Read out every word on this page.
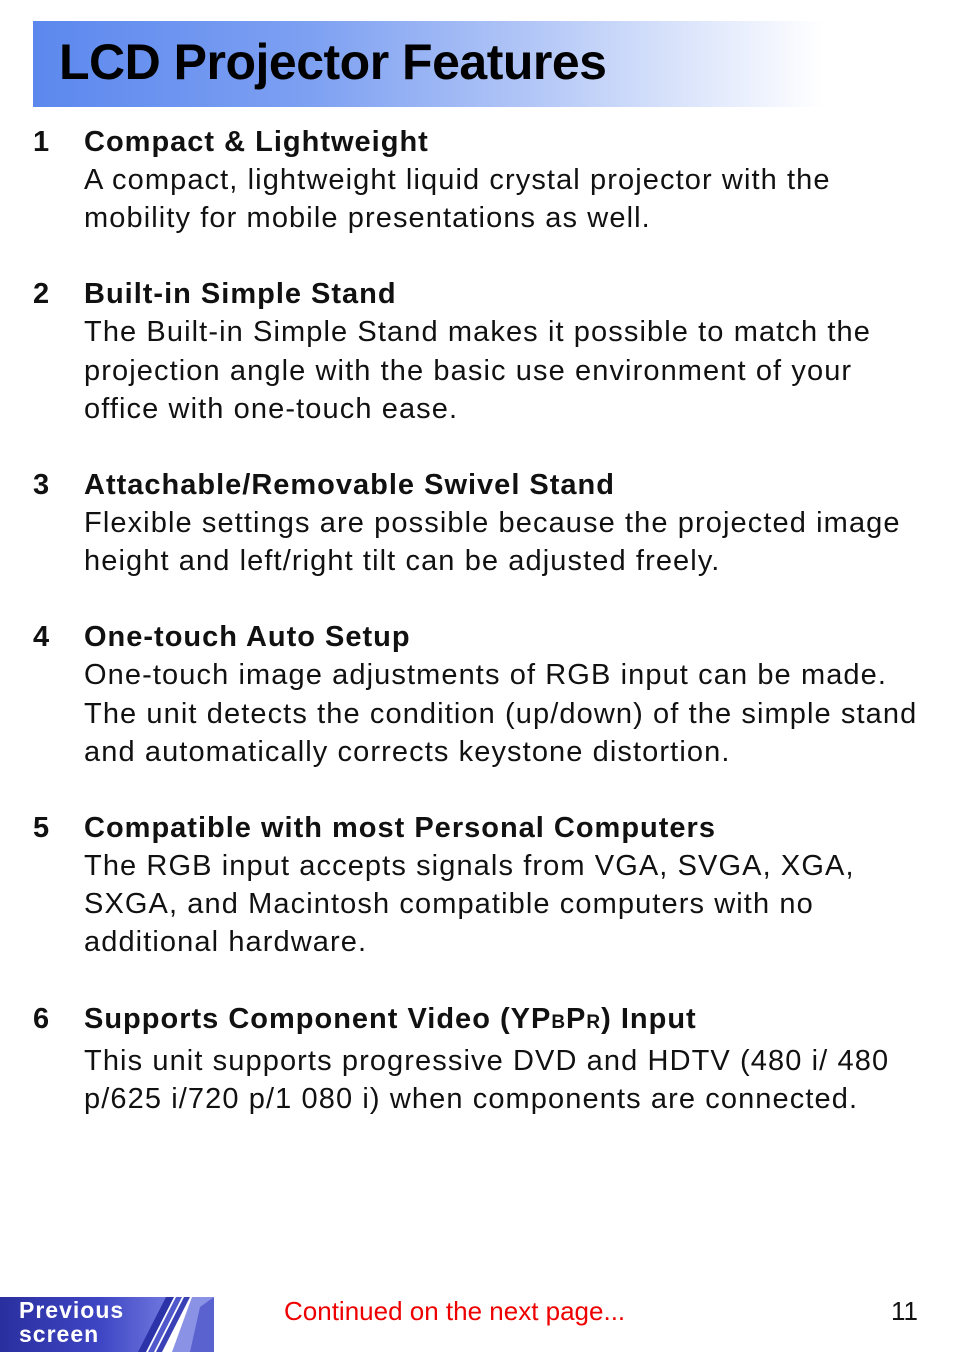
LCD Projector Features
1 Compact & Lightweight
A compact, lightweight liquid crystal projector with the mobility for mobile presentations as well.
2 Built-in Simple Stand
The Built-in Simple Stand makes it possible to match the projection angle with the basic use environment of your office with one-touch ease.
3 Attachable/Removable Swivel Stand
Flexible settings are possible because the projected image height and left/right tilt can be adjusted freely.
4 One-touch Auto Setup
One-touch image adjustments of RGB input can be made. The unit detects the condition (up/down) of the simple stand and automatically corrects keystone distortion.
5 Compatible with most Personal Computers
The RGB input accepts signals from VGA, SVGA, XGA, SXGA, and Macintosh compatible computers with no additional hardware.
6 Supports Component Video (YPBPR) Input
This unit supports progressive DVD and HDTV (480 i/ 480 p/625 i/720 p/1 080 i) when components are connected.
Previous
screen
Continued on the next page...	11
